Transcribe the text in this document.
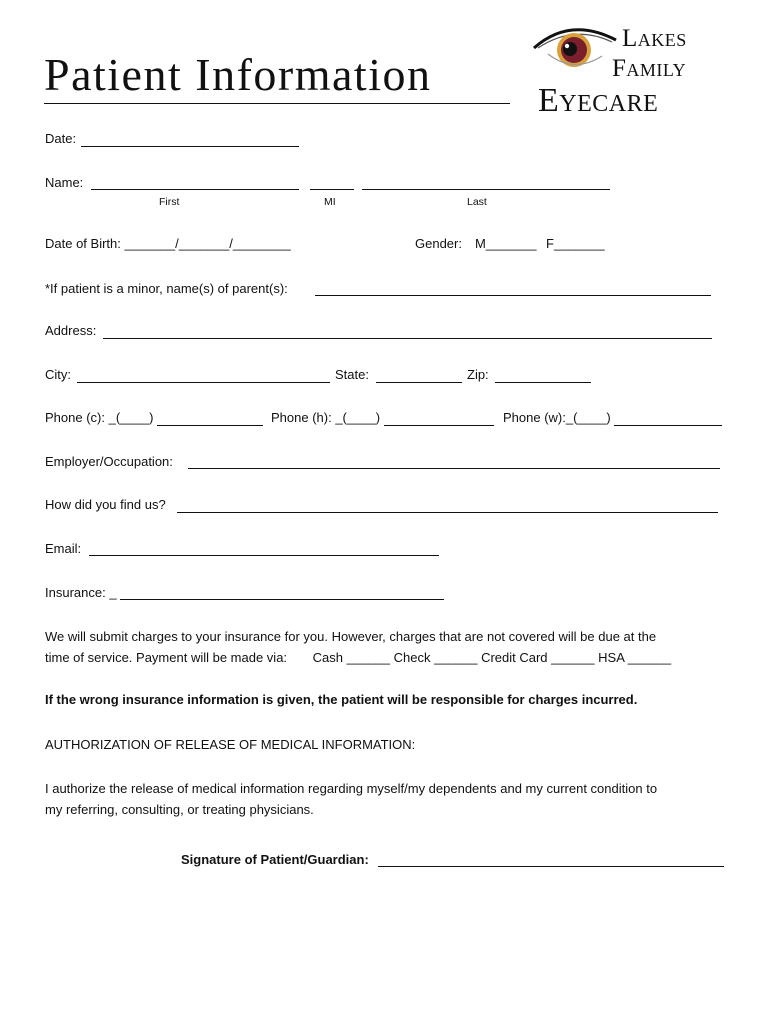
Patient Information
Lakes
Family
Eyecare
Date:
Name:
First	MI	Last
Date of Birth: _______/_______/________	Gender: M_______ F_______
*If patient is a minor, name(s) of parent(s):
Address:
City:	State:	Zip:
Phone (c): _(____)	Phone (h): _(____)	Phone (w):_(____)
Employer/Occupation:
How did you find us?
Email:
Insurance: _
We will submit charges to your insurance for you. However, charges that are not covered will be due at the
time of service. Payment will be made via: Cash ______ Check ______ Credit Card ______ HSA ______
If the wrong insurance information is given, the patient will be responsible for charges incurred.
AUTHORIZATION OF RELEASE OF MEDICAL INFORMATION:
I authorize the release of medical information regarding myself/my dependents and my current condition to
my referring, consulting, or treating physicians.
Signature of Patient/Guardian:
